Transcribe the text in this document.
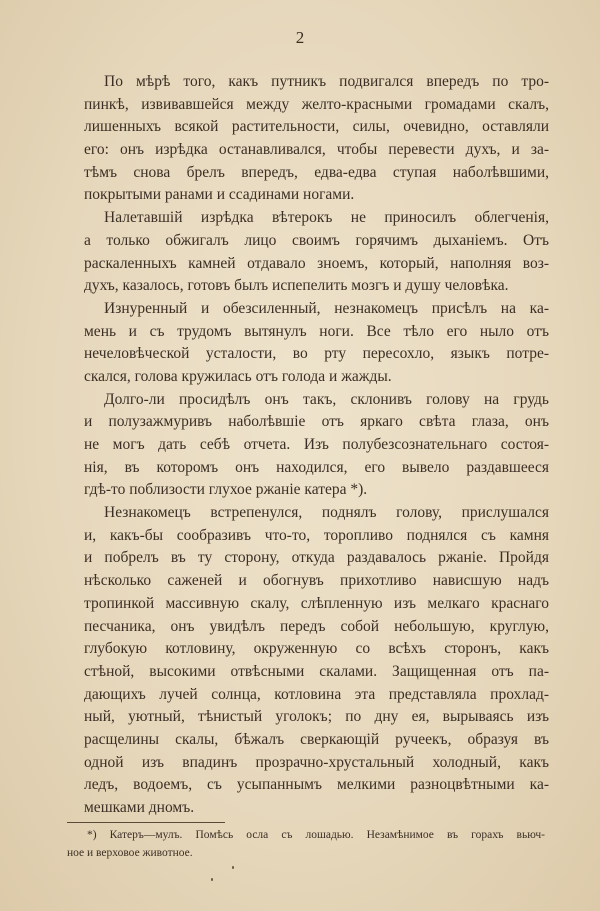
2
По мѣрѣ того, какъ путникъ подвигался впередъ по тро-
пинкѣ, извивавшейся между желто-красными громадами скалъ,
лишенныхъ всякой растительности, силы, очевидно, оставляли
его: онъ изрѣдка останавливался, чтобы перевести духъ, и за-
тѣмъ снова брелъ впередъ, едва-едва ступая наболѣвшими,
покрытыми ранами и ссадинами ногами.
Налетавшій изрѣдка вѣтерокъ не приносилъ облегченія,
а только обжигалъ лицо своимъ горячимъ дыханіемъ. Отъ
раскаленныхъ камней отдавало зноемъ, который, наполняя воз-
духъ, казалось, готовъ былъ испепелить мозгъ и душу человѣка.
Изнуренный и обезсиленный, незнакомецъ присѣлъ на ка-
мень и съ трудомъ вытянулъ ноги. Все тѣло его ныло отъ
нечеловѣческой усталости, во рту пересохло, языкъ потре-
скался, голова кружилась отъ голода и жажды.
Долго-ли просидѣлъ онъ такъ, склонивъ голову на грудь
и полузажмуривъ наболѣвшіе отъ яркаго свѣта глаза, онъ
не могъ дать себѣ отчета. Изъ полубезсознательнаго состоя-
нія, въ которомъ онъ находился, его вывело раздавшееся
гдѣ-то поблизости глухое ржаніе катера *).
Незнакомецъ встрепенулся, поднялъ голову, прислушался
и, какъ-бы сообразивъ что-то, торопливо поднялся съ камня
и побрелъ въ ту сторону, откуда раздавалось ржаніе. Пройдя
нѣсколько саженей и обогнувъ прихотливо нависшую надъ
тропинкой массивную скалу, слѣпленную изъ мелкаго краснаго
песчаника, онъ увидѣлъ передъ собой небольшую, круглую,
глубокую котловину, окруженную со всѣхъ сторонъ, какъ
стѣной, высокими отвѣсными скалами. Защищенная отъ па-
дающихъ лучей солнца, котловина эта представляла прохлад-
ный, уютный, тѣнистый уголокъ; по дну ея, вырываясь изъ
расщелины скалы, бѣжалъ сверкающій ручеекъ, образуя въ
одной изъ впадинъ прозрачно-хрустальный холодный, какъ
ледъ, водоемъ, съ усыпаннымъ мелкими разноцвѣтными ка-
мешками дномъ.
*) Катеръ—мулъ. Помѣсь осла съ лошадью. Незамѣнимое въ горахъ вьюч-
ное и верховое животное.
